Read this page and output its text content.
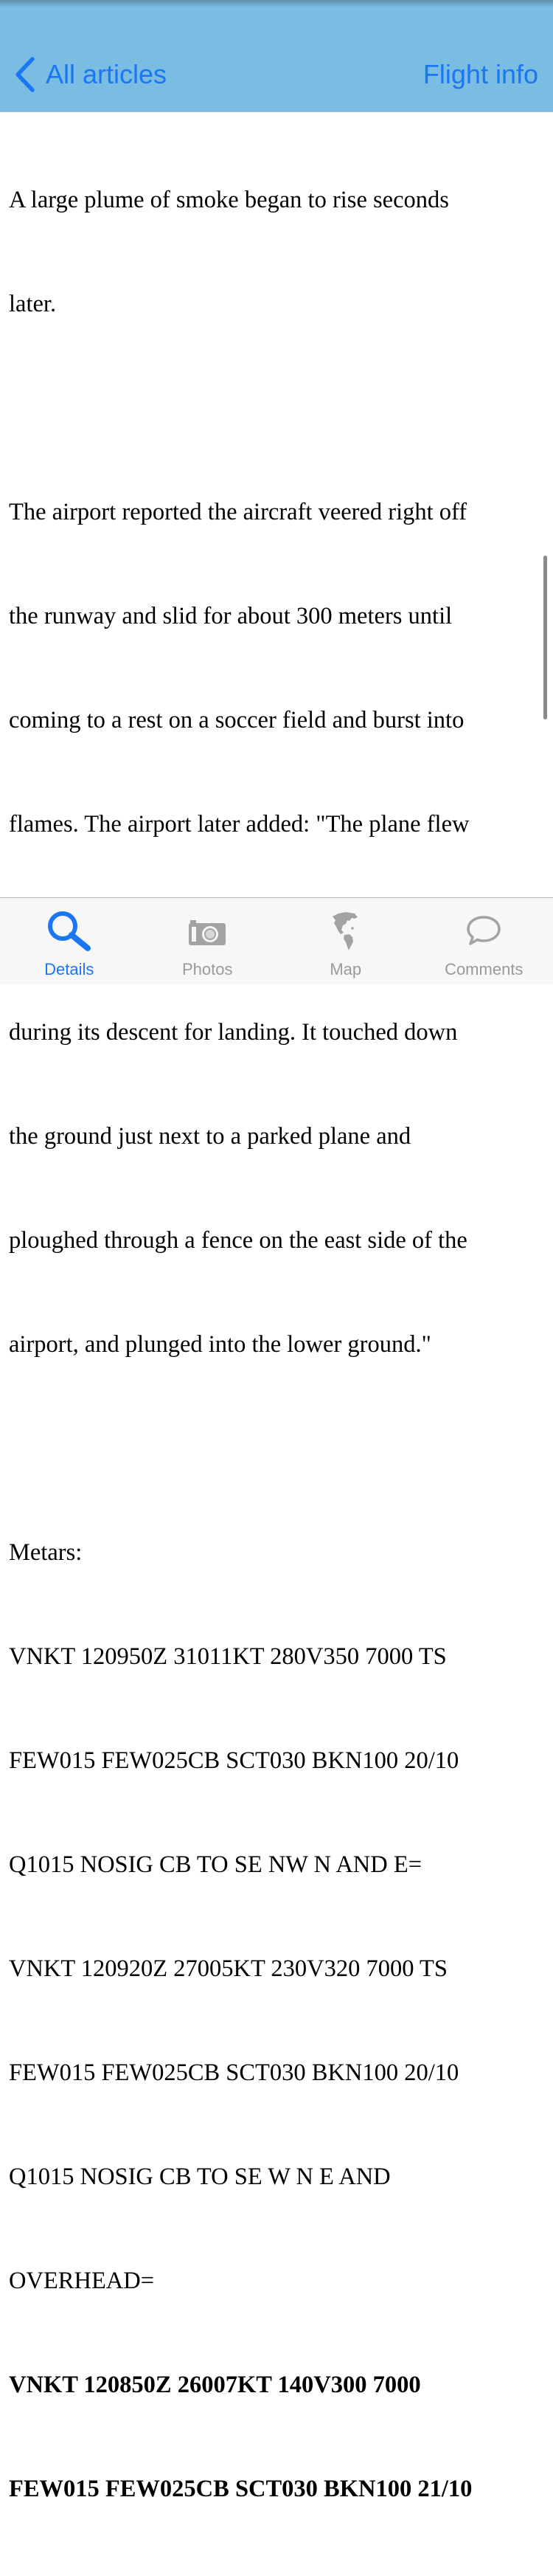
All articles	Flight info

A large plume of smoke began to rise seconds

later.

The airport reported the aircraft veered right off

the runway and slid for about 300 meters until

coming to a rest on a soccer field and burst into

flames. The airport later added: "The plane flew

during its descent for landing. It touched down

the ground just next to a parked plane and

ploughed through a fence on the east side of the

airport, and plunged into the lower ground."

Metars:

VNKT 120950Z 31011KT 280V350 7000 TS

FEW015 FEW025CB SCT030 BKN100 20/10

Q1015 NOSIG CB TO SE NW N AND E=

VNKT 120920Z 27005KT 230V320 7000 TS

FEW015 FEW025CB SCT030 BKN100 20/10

Q1015 NOSIG CB TO SE W N E AND

OVERHEAD=

VNKT 120850Z 26007KT 140V300 7000

FEW015 FEW025CB SCT030 BKN100 21/10

Details	Photos	Map	Comments
